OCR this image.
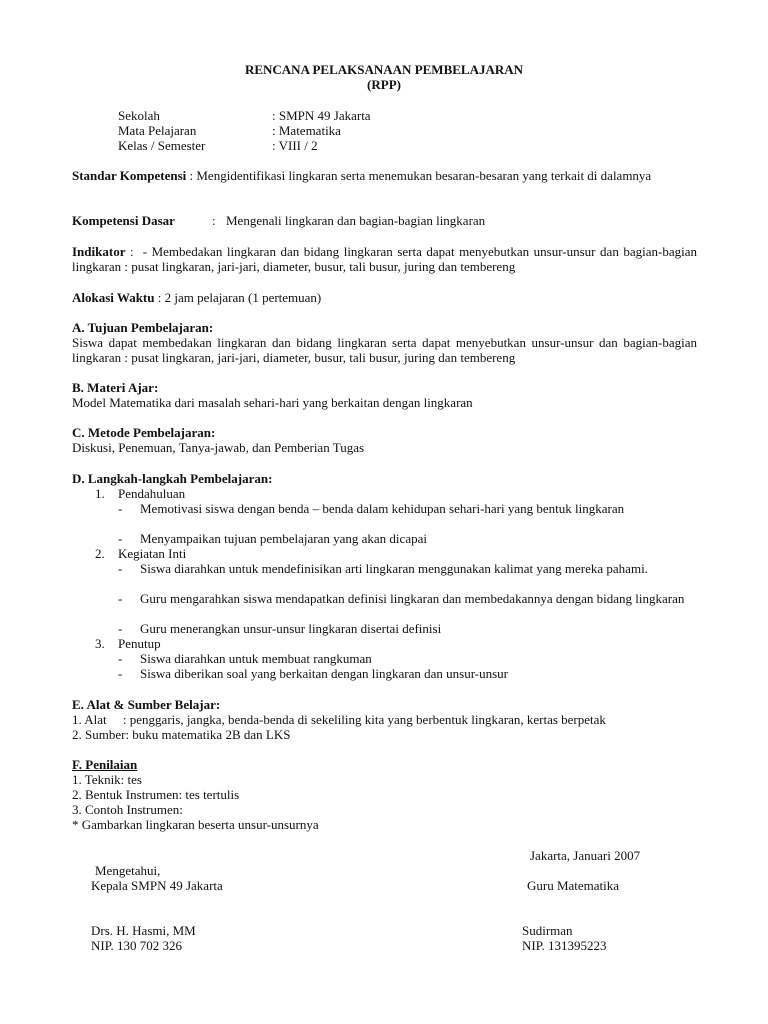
RENCANA PELAKSANAAN PEMBELAJARAN
(RPP)
Sekolah	: SMPN 49 Jakarta
Mata Pelajaran	: Matematika
Kelas / Semester	: VIII / 2
Standar Kompetensi : Mengidentifikasi lingkaran serta menemukan besaran-besaran yang terkait di dalamnya
Kompetensi Dasar	: Mengenali lingkaran dan bagian-bagian lingkaran
Indikator :  - Membedakan lingkaran dan bidang lingkaran serta dapat menyebutkan unsur-unsur dan bagian-bagian lingkaran : pusat lingkaran, jari-jari, diameter, busur, tali busur, juring dan tembereng
Alokasi Waktu : 2 jam pelajaran (1 pertemuan)
A. Tujuan Pembelajaran:
Siswa dapat membedakan lingkaran dan bidang lingkaran serta dapat menyebutkan unsur-unsur dan bagian-bagian lingkaran : pusat lingkaran, jari-jari, diameter, busur, tali busur, juring dan tembereng
B. Materi Ajar:
Model Matematika dari masalah sehari-hari yang berkaitan dengan lingkaran
C. Metode Pembelajaran:
Diskusi, Penemuan, Tanya-jawab, dan Pemberian Tugas
D. Langkah-langkah Pembelajaran:
1. Pendahuluan
- Memotivasi siswa dengan benda – benda dalam kehidupan sehari-hari yang bentuk lingkaran
- Menyampaikan tujuan pembelajaran yang akan dicapai
2. Kegiatan Inti
- Siswa diarahkan untuk mendefinisikan arti lingkaran menggunakan kalimat yang mereka pahami.
- Guru mengarahkan siswa mendapatkan definisi lingkaran dan membedakannya dengan bidang lingkaran
- Guru menerangkan unsur-unsur lingkaran disertai definisi
3. Penutup
- Siswa diarahkan untuk membuat rangkuman
- Siswa diberikan soal yang berkaitan dengan lingkaran dan unsur-unsur
E. Alat & Sumber Belajar:
1. Alat     : penggaris, jangka, benda-benda di sekeliling kita yang berbentuk lingkaran, kertas berpetak
2. Sumber: buku matematika 2B dan LKS
F. Penilaian
1. Teknik: tes
2. Bentuk Instrumen: tes tertulis
3. Contoh Instrumen:
* Gambarkan lingkaran beserta unsur-unsurnya
Jakarta, Januari 2007
Mengetahui,
Kepala SMPN 49 Jakarta	Guru Matematika
Drs. H. Hasmi, MM	Sudirman
NIP. 130 702 326	NIP. 131395223
